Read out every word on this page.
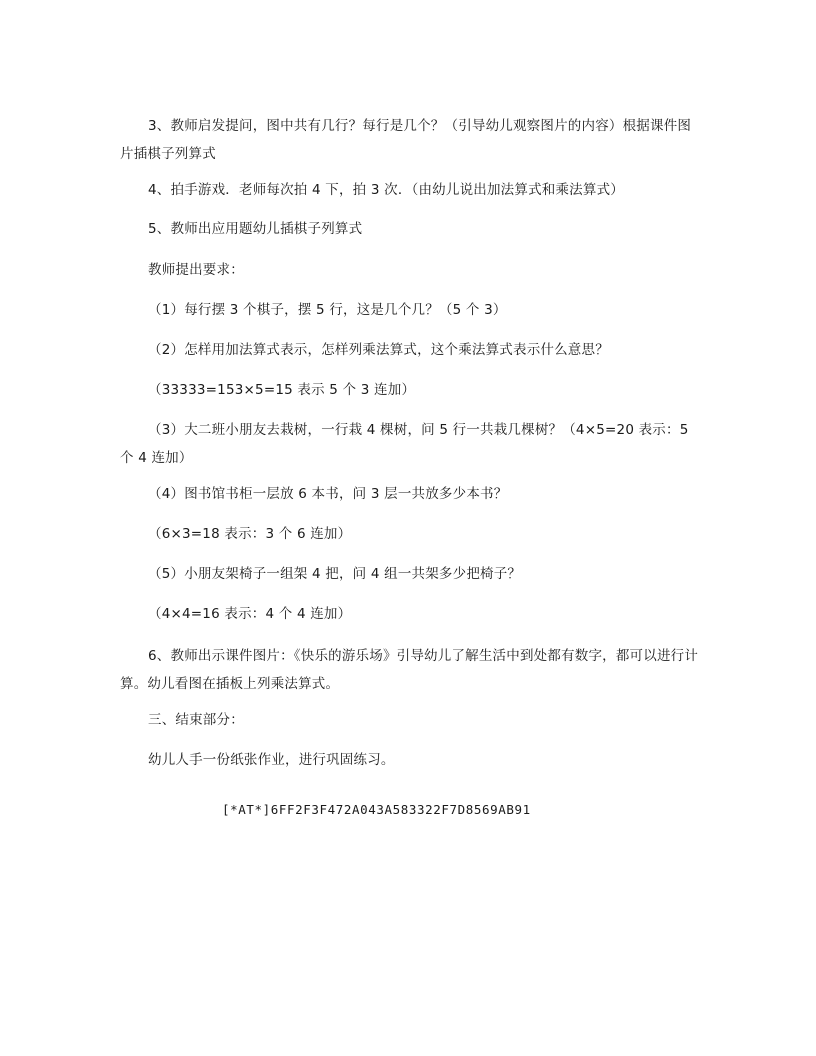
3、教师启发提问，图中共有几行？每行是几个？（引导幼儿观察图片的内容）根据课件图片插棋子列算式
4、拍手游戏．老师每次拍 4 下，拍 3 次．（由幼儿说出加法算式和乘法算式）
5、教师出应用题幼儿插棋子列算式
教师提出要求：
（1）每行摆 3 个棋子，摆 5 行，这是几个几？（5 个 3）
（2）怎样用加法算式表示，怎样列乘法算式，这个乘法算式表示什么意思？
（33333=153×5=15 表示 5 个 3 连加）
（3）大二班小朋友去栽树，一行栽 4 棵树，问 5 行一共栽几棵树？（4×5=20 表示：5 个 4 连加）
（4）图书馆书柜一层放 6 本书，问 3 层一共放多少本书？
（6×3=18 表示：3 个 6 连加）
（5）小朋友架椅子一组架 4 把，问 4 组一共架多少把椅子？
（4×4=16 表示：4 个 4 连加）
6、教师出示课件图片：《快乐的游乐场》引导幼儿了解生活中到处都有数字，都可以进行计算。幼儿看图在插板上列乘法算式。
三、结束部分：
幼儿人手一份纸张作业，进行巩固练习。
[*AT*]6FF2F3F472A043A583322F7D8569AB91
